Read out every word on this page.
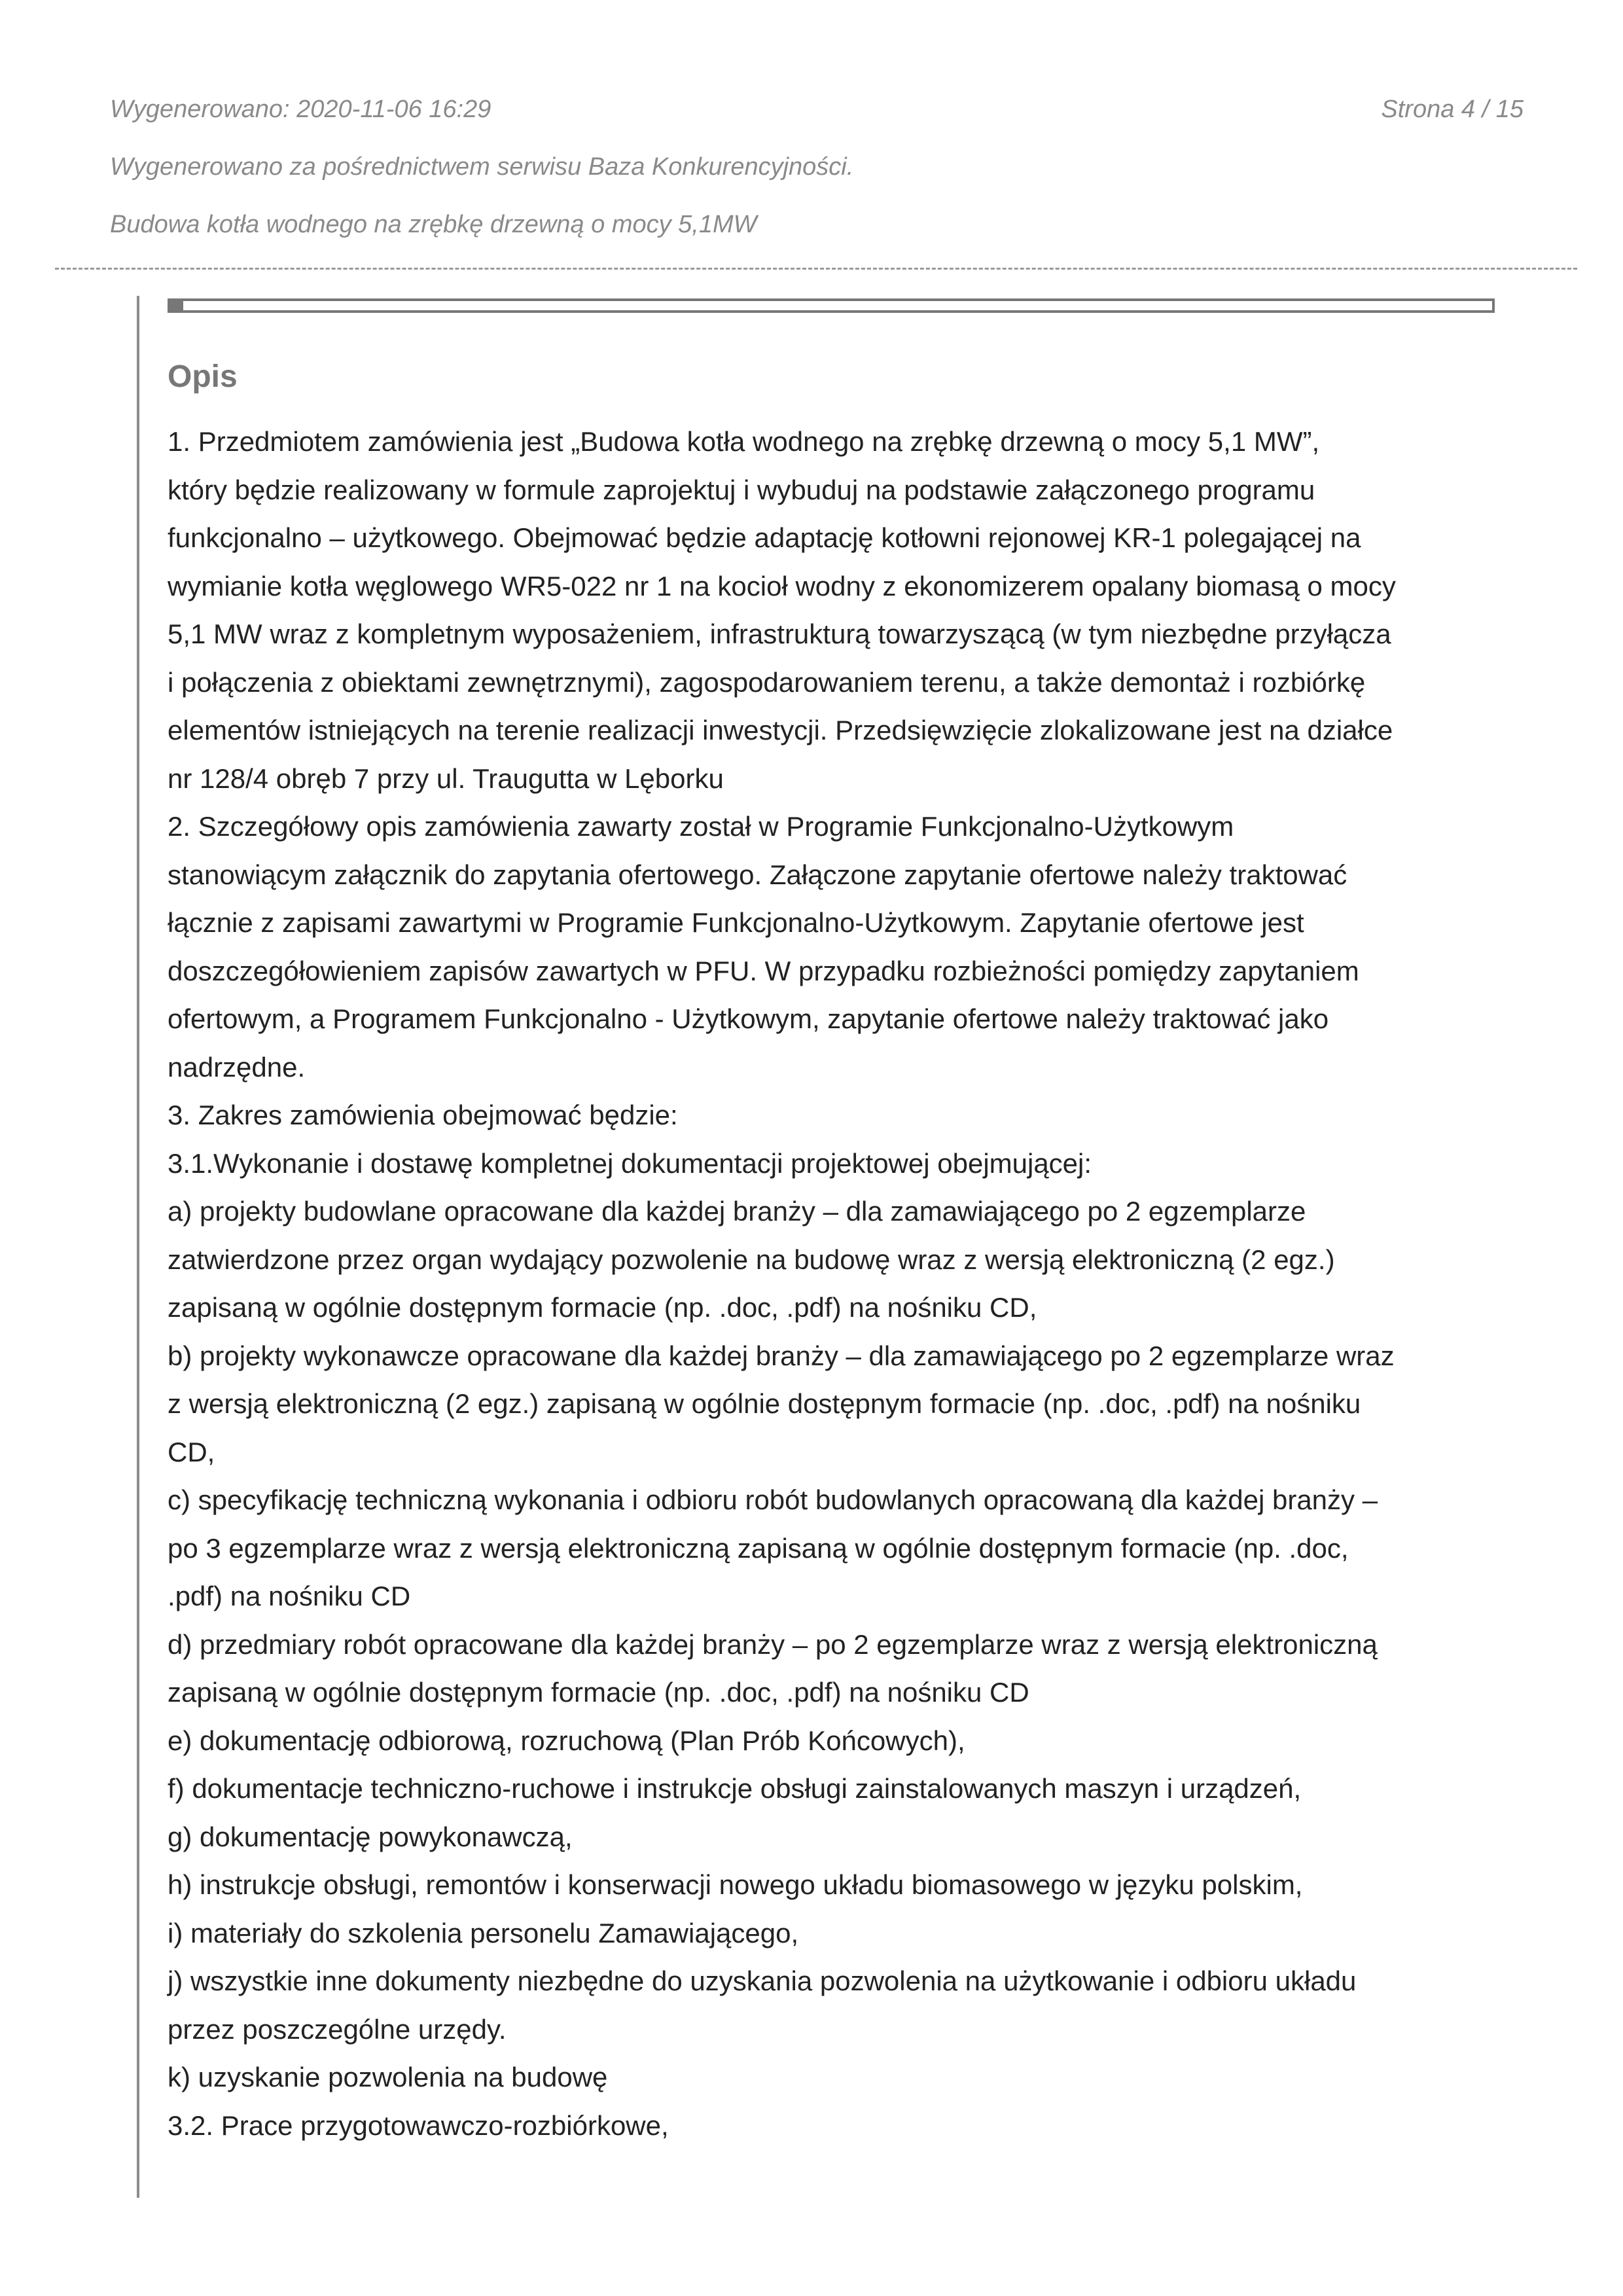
Wygenerowano: 2020-11-06 16:29	Strona 4 / 15
Wygenerowano za pośrednictwem serwisu Baza Konkurencyjności.
Budowa kotła wodnego na zrębkę drzewną o mocy 5,1MW
Opis

1. Przedmiotem zamówienia jest „Budowa kotła wodnego na zrębkę drzewną o mocy 5,1 MW”,
który będzie realizowany w formule zaprojektuj i wybuduj na podstawie załączonego programu
funkcjonalno – użytkowego. Obejmować będzie adaptację kotłowni rejonowej KR-1 polegającej na
wymianie kotła węglowego WR5-022 nr 1 na kocioł wodny z ekonomizerem opalany biomasą o mocy
5,1 MW wraz z kompletnym wyposażeniem, infrastrukturą towarzyszącą (w tym niezbędne przyłącza
i połączenia z obiektami zewnętrznymi), zagospodarowaniem terenu, a także demontaż i rozbiórkę
elementów istniejących na terenie realizacji inwestycji. Przedsięwzięcie zlokalizowane jest na działce
nr 128/4 obręb 7 przy ul. Traugutta w Lęborku
2. Szczegółowy opis zamówienia zawarty został w Programie Funkcjonalno-Użytkowym
stanowiącym załącznik do zapytania ofertowego. Załączone zapytanie ofertowe należy traktować
łącznie z zapisami zawartymi w Programie Funkcjonalno-Użytkowym. Zapytanie ofertowe jest
doszczegółowieniem zapisów zawartych w PFU. W przypadku rozbieżności pomiędzy zapytaniem
ofertowym, a Programem Funkcjonalno - Użytkowym, zapytanie ofertowe należy traktować jako
nadrzędne.
3. Zakres zamówienia obejmować będzie:
3.1.Wykonanie i dostawę kompletnej dokumentacji projektowej obejmującej:
a) projekty budowlane opracowane dla każdej branży – dla zamawiającego po 2 egzemplarze
zatwierdzone przez organ wydający pozwolenie na budowę wraz z wersją elektroniczną (2 egz.)
zapisaną w ogólnie dostępnym formacie (np. .doc, .pdf) na nośniku CD,
b) projekty wykonawcze opracowane dla każdej branży – dla zamawiającego po 2 egzemplarze wraz
z wersją elektroniczną (2 egz.) zapisaną w ogólnie dostępnym formacie (np. .doc, .pdf) na nośniku
CD,
c) specyfikację techniczną wykonania i odbioru robót budowlanych opracowaną dla każdej branży –
po 3 egzemplarze wraz z wersją elektroniczną zapisaną w ogólnie dostępnym formacie (np. .doc,
.pdf) na nośniku CD
d) przedmiary robót opracowane dla każdej branży – po 2 egzemplarze wraz z wersją elektroniczną
zapisaną w ogólnie dostępnym formacie (np. .doc, .pdf) na nośniku CD
e) dokumentację odbiorową, rozruchową (Plan Prób Końcowych),
f) dokumentacje techniczno-ruchowe i instrukcje obsługi zainstalowanych maszyn i urządzeń,
g) dokumentację powykonawczą,
h) instrukcje obsługi, remontów i konserwacji nowego układu biomasowego w języku polskim,
i) materiały do szkolenia personelu Zamawiającego,
j) wszystkie inne dokumenty niezbędne do uzyskania pozwolenia na użytkowanie i odbioru układu
przez poszczególne urzędy.
k) uzyskanie pozwolenia na budowę
3.2. Prace przygotowawczo-rozbiórkowe,
